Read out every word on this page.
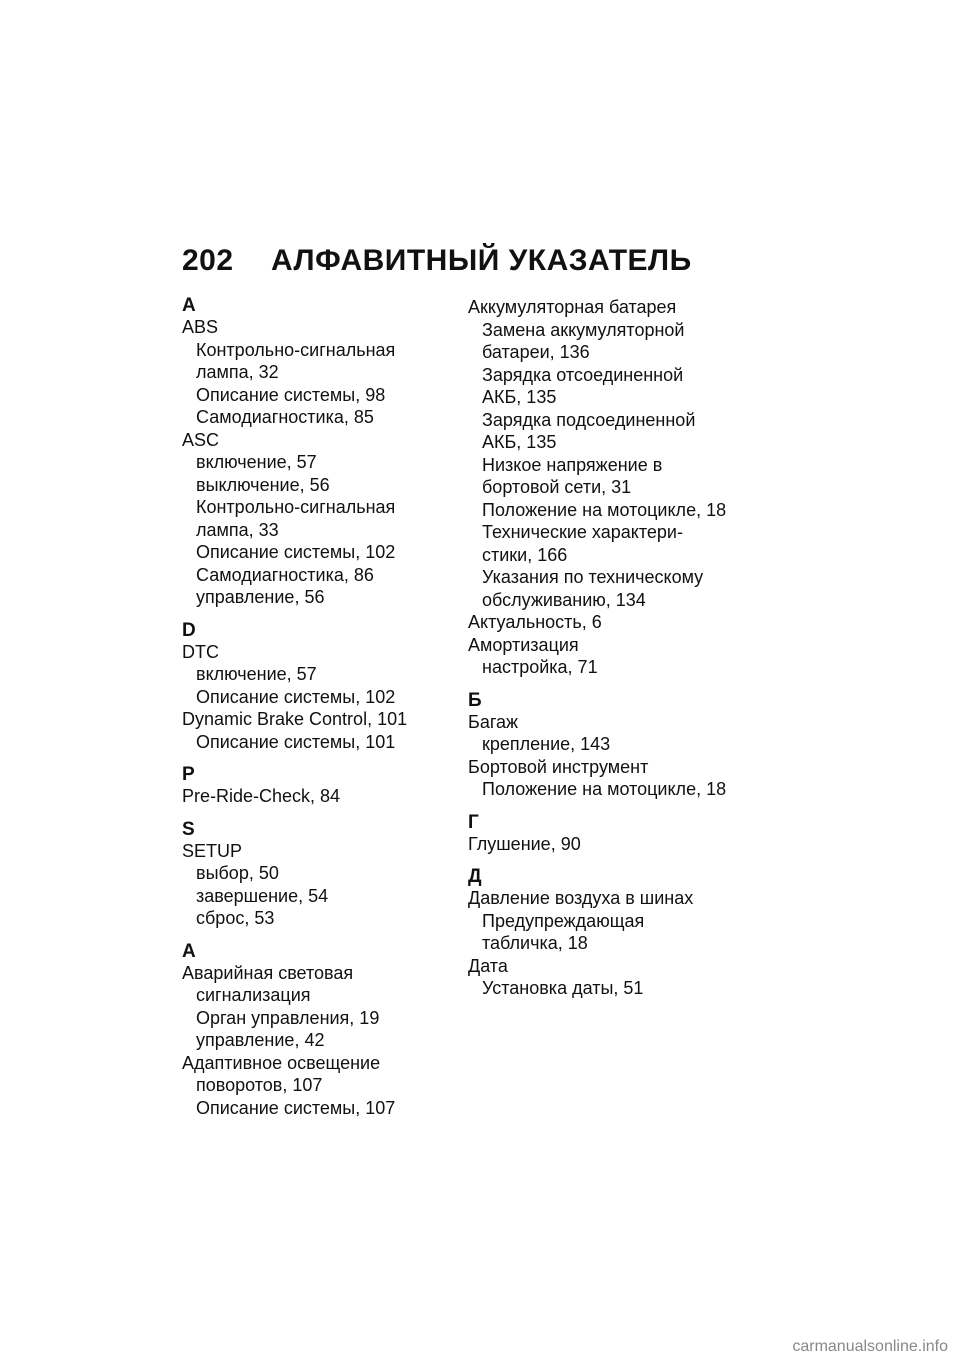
202 АЛФАВИТНЫЙ УКАЗАТЕЛЬ
A
ABS
Контрольно-сигнальная
лампа, 32
Описание системы, 98
Самодиагностика, 85
ASC
включение, 57
выключение, 56
Контрольно-сигнальная
лампа, 33
Описание системы, 102
Самодиагностика, 86
управление, 56
D
DTC
включение, 57
Описание системы, 102
Dynamic Brake Control, 101
Описание системы, 101
P
Pre-Ride-Check, 84
S
SETUP
выбор, 50
завершение, 54
сброс, 53
А
Аварийная световая
сигнализация
Орган управления, 19
управление, 42
Адаптивное освещение
поворотов, 107
Описание системы, 107
Аккумуляторная батарея
Замена аккумуляторной
батареи, 136
Зарядка отсоединенной
АКБ, 135
Зарядка подсоединенной
АКБ, 135
Низкое напряжение в
бортовой сети, 31
Положение на мотоцикле, 18
Технические характери-
стики, 166
Указания по техническому
обслуживанию, 134
Актуальность, 6
Амортизация
настройка, 71
Б
Багаж
крепление, 143
Бортовой инструмент
Положение на мотоцикле, 18
Г
Глушение, 90
Д
Давление воздуха в шинах
Предупреждающая
табличка, 18
Дата
Установка даты, 51
carmanualsonline.info
